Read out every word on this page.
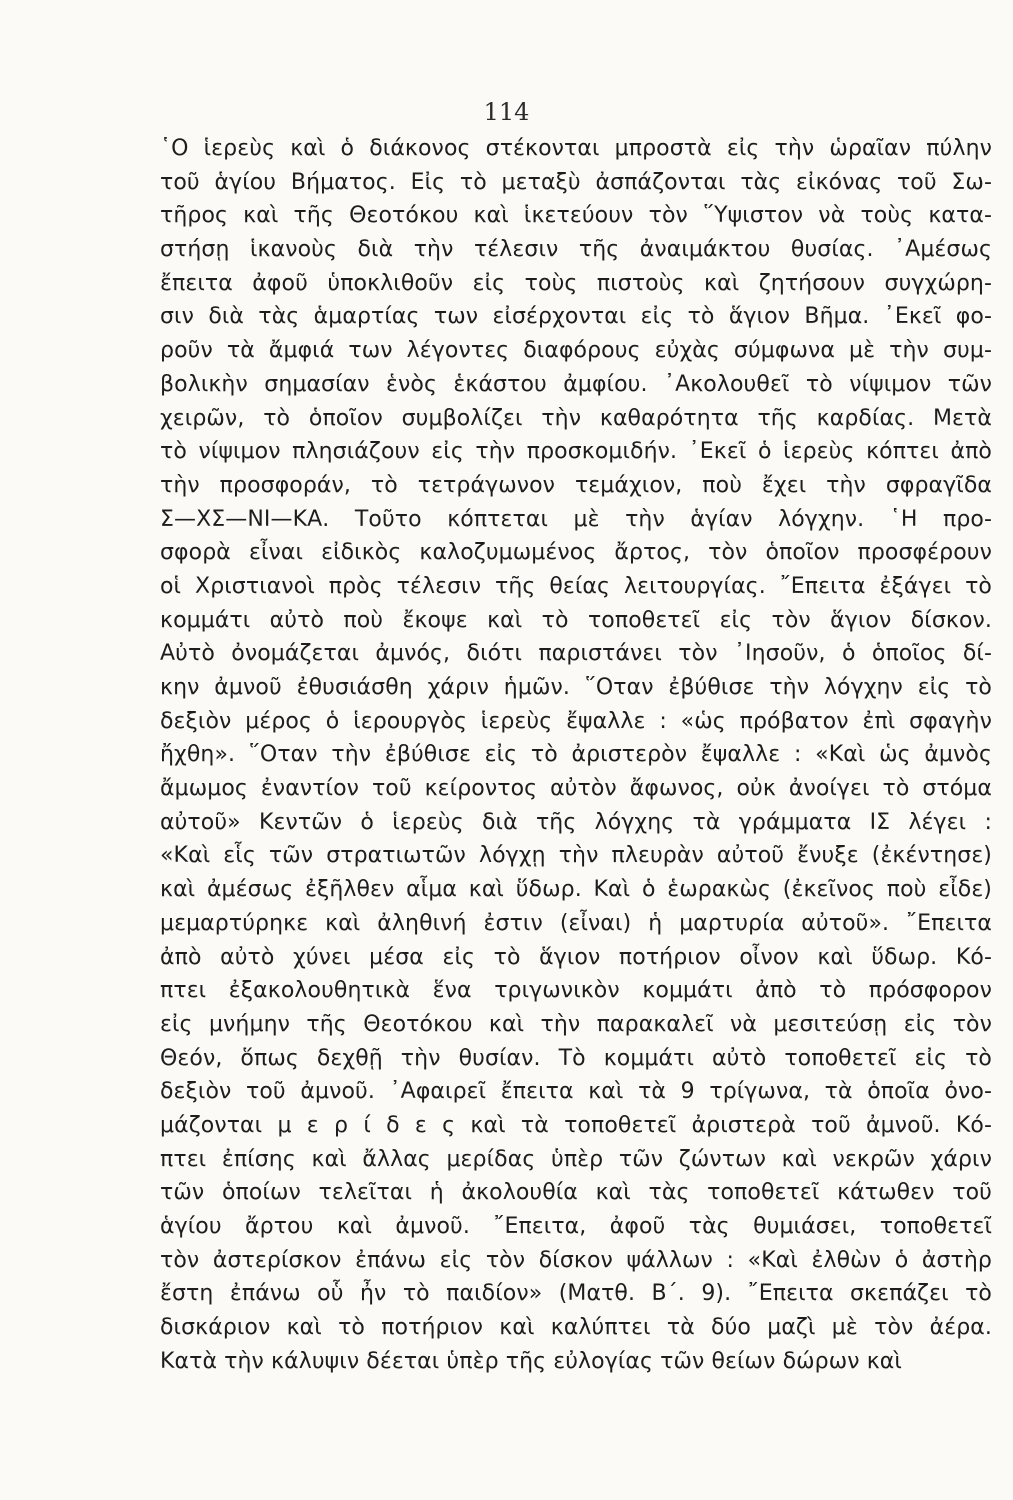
114
῾Ο ἱερεὺς καὶ ὁ διάκονος στέκονται μπροστὰ εἰς τὴν ὡραῖαν πύλην
τοῦ ἁγίου Βήματος. Εἰς τὸ μεταξὺ ἀσπάζονται τὰς εἰκόνας τοῦ Σω-
τῆρος καὶ τῆς Θεοτόκου καὶ ἱκετεύουν τὸν ῞Υψιστον νὰ τοὺς κατα-
στήσῃ ἱκανοὺς διὰ τὴν τέλεσιν τῆς ἀναιμάκτου θυσίας. ᾿Αμέσως
ἔπειτα ἀφοῦ ὑποκλιθοῦν εἰς τοὺς πιστοὺς καὶ ζητήσουν συγχώρη-
σιν διὰ τὰς ἁμαρτίας των εἰσέρχονται εἰς τὸ ἅγιον Βῆμα. ᾿Εκεῖ φο-
ροῦν τὰ ἄμφιά των λέγοντες διαφόρους εὐχὰς σύμφωνα μὲ τὴν συμ-
βολικὴν σημασίαν ἑνὸς ἑκάστου ἀμφίου. ᾿Ακολουθεῖ τὸ νίψιμον τῶν
χειρῶν, τὸ ὁποῖον συμβολίζει τὴν καθαρότητα τῆς καρδίας. Μετὰ
τὸ νίψιμον πλησιάζουν εἰς τὴν προσκομιδήν. ᾿Εκεῖ ὁ ἱερεὺς κόπτει ἀπὸ
τὴν προσφοράν, τὸ τετράγωνον τεμάχιον, ποὺ ἔχει τὴν σφραγῖδα
Σ—ΧΣ—ΝΙ—ΚΑ. Τοῦτο κόπτεται μὲ τὴν ἁγίαν λόγχην. ῾Η προ-
σφορὰ εἶναι εἰδικὸς καλοζυμωμένος ἄρτος, τὸν ὁποῖον προσφέρουν
οἱ Χριστιανοὶ πρὸς τέλεσιν τῆς θείας λειτουργίας. ῎Επειτα ἐξάγει τὸ
κομμάτι αὐτὸ ποὺ ἔκοψε καὶ τὸ τοποθετεῖ εἰς τὸν ἅγιον δίσκον.
Αὐτὸ ὀνομάζεται ἀμνός, διότι παριστάνει τὸν ᾿Ιησοῦν, ὁ ὁποῖος δί-
κην ἀμνοῦ ἐθυσιάσθη χάριν ἡμῶν. ῞Οταν ἐβύθισε τὴν λόγχην εἰς τὸ
δεξιὸν μέρος ὁ ἱερουργὸς ἱερεὺς ἔψαλλε : «ὡς πρόβατον ἐπὶ σφαγὴν
ἤχθη». ῞Οταν τὴν ἐβύθισε εἰς τὸ ἀριστερὸν ἔψαλλε : «Καὶ ὡς ἀμνὸς
ἄμωμος ἐναντίον τοῦ κείροντος αὐτὸν ἄφωνος, οὐκ ἀνοίγει τὸ στόμα
αὐτοῦ» Κεντῶν ὁ ἱερεὺς διὰ τῆς λόγχης τὰ γράμματα ΙΣ λέγει :
«Καὶ εἷς τῶν στρατιωτῶν λόγχῃ τὴν πλευρὰν αὐτοῦ ἔνυξε (ἐκέντησε)
καὶ ἀμέσως ἐξῆλθεν αἷμα καὶ ὕδωρ. Καὶ ὁ ἑωρακὼς (ἐκεῖνος ποὺ εἶδε)
μεμαρτύρηκε καὶ ἀληθινή ἐστιν (εἶναι) ἡ μαρτυρία αὐτοῦ». ῎Επειτα
ἀπὸ αὐτὸ χύνει μέσα εἰς τὸ ἅγιον ποτήριον οἶνον καὶ ὕδωρ. Κό-
πτει ἐξακολουθητικὰ ἕνα τριγωνικὸν κομμάτι ἀπὸ τὸ πρόσφορον
εἰς μνήμην τῆς Θεοτόκου καὶ τὴν παρακαλεῖ νὰ μεσιτεύσῃ εἰς τὸν
Θεόν, ὅπως δεχθῇ τὴν θυσίαν. Τὸ κομμάτι αὐτὸ τοποθετεῖ εἰς τὸ
δεξιὸν τοῦ ἀμνοῦ. ᾿Αφαιρεῖ ἔπειτα καὶ τὰ 9 τρίγωνα, τὰ ὁποῖα ὀνο-
μάζονται μ ε ρ ί δ ε ς καὶ τὰ τοποθετεῖ ἀριστερὰ τοῦ ἀμνοῦ. Κό-
πτει ἐπίσης καὶ ἄλλας μερίδας ὑπὲρ τῶν ζώντων καὶ νεκρῶν χάριν
τῶν ὁποίων τελεῖται ἡ ἀκολουθία καὶ τὰς τοποθετεῖ κάτωθεν τοῦ
ἁγίου ἄρτου καὶ ἀμνοῦ. ῎Επειτα, ἀφοῦ τὰς θυμιάσει, τοποθετεῖ
τὸν ἀστερίσκον ἐπάνω εἰς τὸν δίσκον ψάλλων : «Καὶ ἐλθὼν ὁ ἀστὴρ
ἔστη ἐπάνω οὗ ἦν τὸ παιδίον» (Ματθ. Β΄. 9). ῎Επειτα σκεπάζει τὸ
δισκάριον καὶ τὸ ποτήριον καὶ καλύπτει τὰ δύο μαζὶ μὲ τὸν ἀέρα.
Κατὰ τὴν κάλυψιν δέεται ὑπὲρ τῆς εὐλογίας τῶν θείων δώρων καὶ
